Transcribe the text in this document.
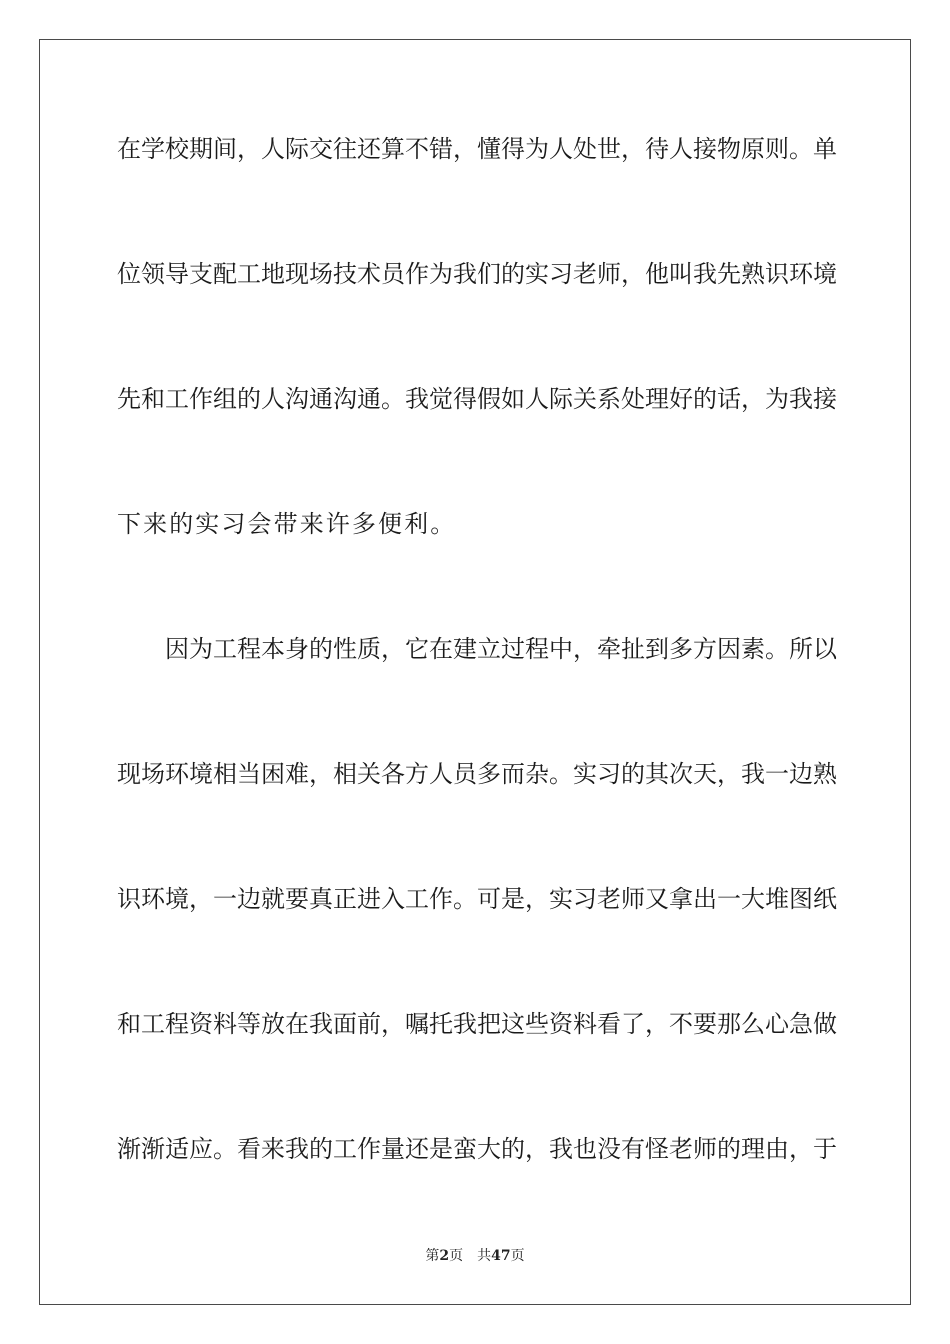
在学校期间，人际交往还算不错，懂得为人处世，待人接物原则。单
位领导支配工地现场技术员作为我们的实习老师，他叫我先熟识环境
先和工作组的人沟通沟通。我觉得假如人际关系处理好的话，为我接
下来的实习会带来许多便利。
因为工程本身的性质，它在建立过程中，牵扯到多方因素。所以
现场环境相当困难，相关各方人员多而杂。实习的其次天，我一边熟
识环境，一边就要真正进入工作。可是，实习老师又拿出一大堆图纸
和工程资料等放在我面前，嘱托我把这些资料看了，不要那么心急做
渐渐适应。看来我的工作量还是蛮大的，我也没有怪老师的理由，于
第2页 共47页
